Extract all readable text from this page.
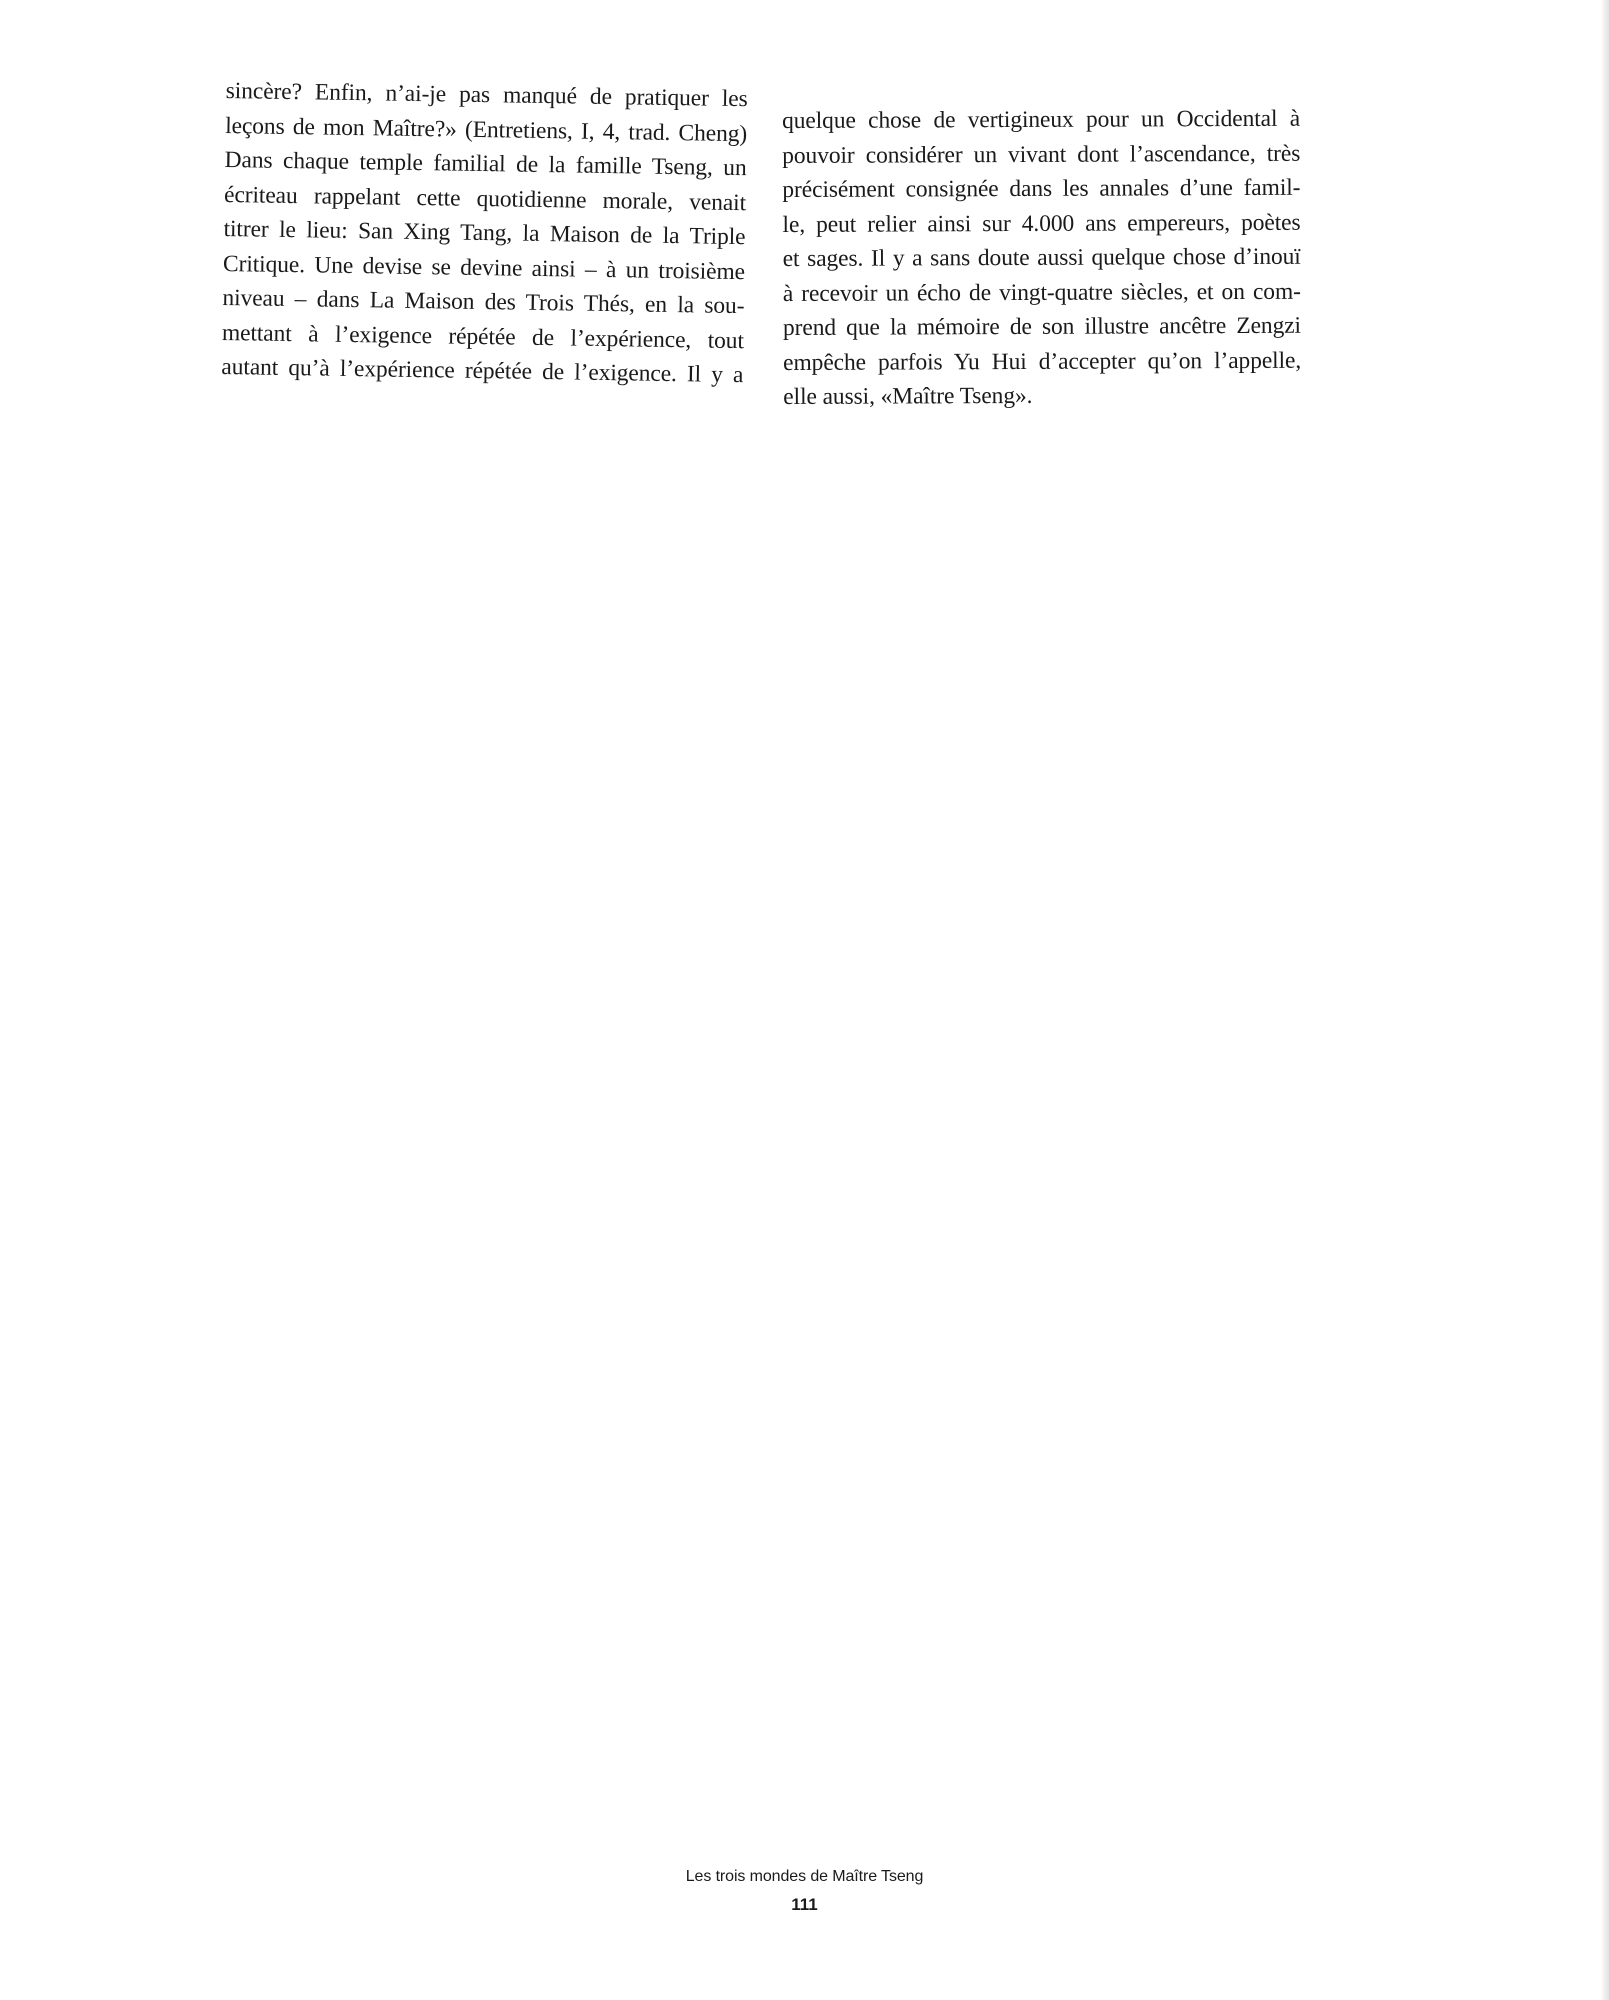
sincère? Enfin, n’ai-je pas manqué de pratiquer les
leçons de mon Maître?» (Entretiens, I, 4, trad. Cheng)
Dans chaque temple familial de la famille Tseng, un
écriteau rappelant cette quotidienne morale, venait
titrer le lieu: San Xing Tang, la Maison de la Triple
Critique. Une devise se devine ainsi – à un troisième
niveau – dans La Maison des Trois Thés, en la sou-
mettant à l’exigence répétée de l’expérience, tout
autant qu’à l’expérience répétée de l’exigence. Il y a
quelque chose de vertigineux pour un Occidental à
pouvoir considérer un vivant dont l’ascendance, très
précisément consignée dans les annales d’une famil-
le, peut relier ainsi sur 4.000 ans empereurs, poètes
et sages. Il y a sans doute aussi quelque chose d’inouï
à recevoir un écho de vingt-quatre siècles, et on com-
prend que la mémoire de son illustre ancêtre Zengzi
empêche parfois Yu Hui d’accepter qu’on l’appelle,
elle aussi, «Maître Tseng».
Les trois mondes de Maître Tseng
111
